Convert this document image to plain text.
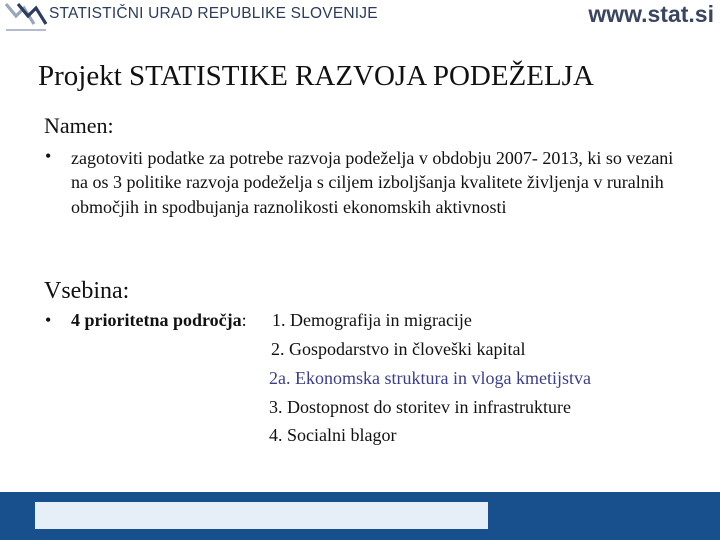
STATISTIČNI URAD REPUBLIKE SLOVENIJE	www.stat.si
Projekt STATISTIKE RAZVOJA PODEŽELJA
Namen:
• zagotoviti podatke za potrebe razvoja podeželja v obdobju 2007- 2013, ki so vezani na os 3 politike razvoja podeželja s ciljem izboljšanja kvalitete življenja v ruralnih območjih in spodbujanja raznolikosti ekonomskih aktivnosti

Vsebina:
• 4 prioritetna področja: 1. Demografija in migracije
2. Gospodarstvo in človeški kapital
2a. Ekonomska struktura in vloga kmetijstva
3. Dostopnost do storitev in infrastrukture
4. Socialni blagor
